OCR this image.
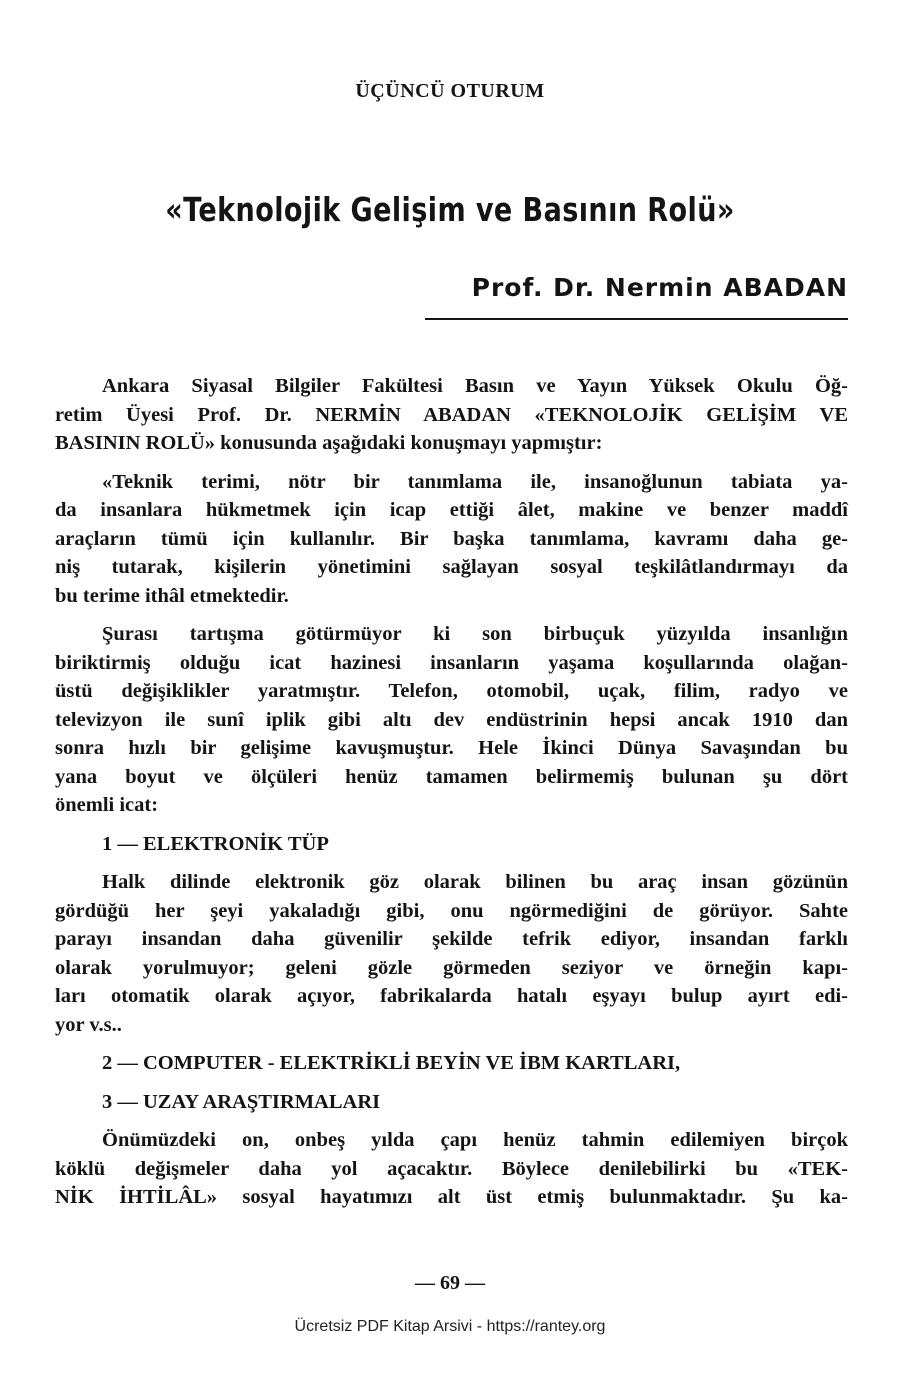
ÜÇÜNCÜ OTURUM
«Teknolojik Gelişim ve Basının Rolü»
Prof. Dr. Nermin ABADAN
Ankara Siyasal Bilgiler Fakültesi Basın ve Yayın Yüksek Okulu Öğ-
retim Üyesi Prof. Dr. NERMİN ABADAN «TEKNOLOJİK GELİŞİM VE
BASININ ROLÜ» konusunda aşağıdaki konuşmayı yapmıştır:
«Teknik terimi, nötr bir tanımlama ile, insanoğlunun tabiata ya-
da insanlara hükmetmek için icap ettiği âlet, makine ve benzer maddî
araçların tümü için kullanılır. Bir başka tanımlama, kavramı daha ge-
niş tutarak, kişilerin yönetimini sağlayan sosyal teşkilâtlandırmayı da
bu terime ithâl etmektedir.
Şurası tartışma götürmüyor ki son birbuçuk yüzyılda insanlığın
biriktirmiş olduğu icat hazinesi insanların yaşama koşullarında olağan-
üstü değişiklikler yaratmıştır. Telefon, otomobil, uçak, filim, radyo ve
televizyon ile sunî iplik gibi altı dev endüstrinin hepsi ancak 1910 dan
sonra hızlı bir gelişime kavuşmuştur. Hele İkinci Dünya Savaşından bu
yana boyut ve ölçüleri henüz tamamen belirmemiş bulunan şu dört
önemli icat:
1 — ELEKTRONİK TÜP
Halk dilinde elektronik göz olarak bilinen bu araç insan gözünün
gördüğü her şeyi yakaladığı gibi, onu ngörmediğini de görüyor. Sahte
parayı insandan daha güvenilir şekilde tefrik ediyor, insandan farklı
olarak yorulmuyor; geleni gözle görmeden seziyor ve örneğin kapı-
ları otomatik olarak açıyor, fabrikalarda hatalı eşyayı bulup ayırt edi-
yor v.s..
2 — COMPUTER - ELEKTRİKLİ BEYİN VE İBM KARTLARI,
3 — UZAY ARAŞTIRMALARI
Önümüzdeki on, onbeş yılda çapı henüz tahmin edilemiyen birçok
köklü değişmeler daha yol açacaktır. Böylece denilebilirki bu «TEK-
NİK İHTİLÂL» sosyal hayatımızı alt üst etmiş bulunmaktadır. Şu ka-
— 69 —
Ücretsiz PDF Kitap Arsivi - https://rantey.org
